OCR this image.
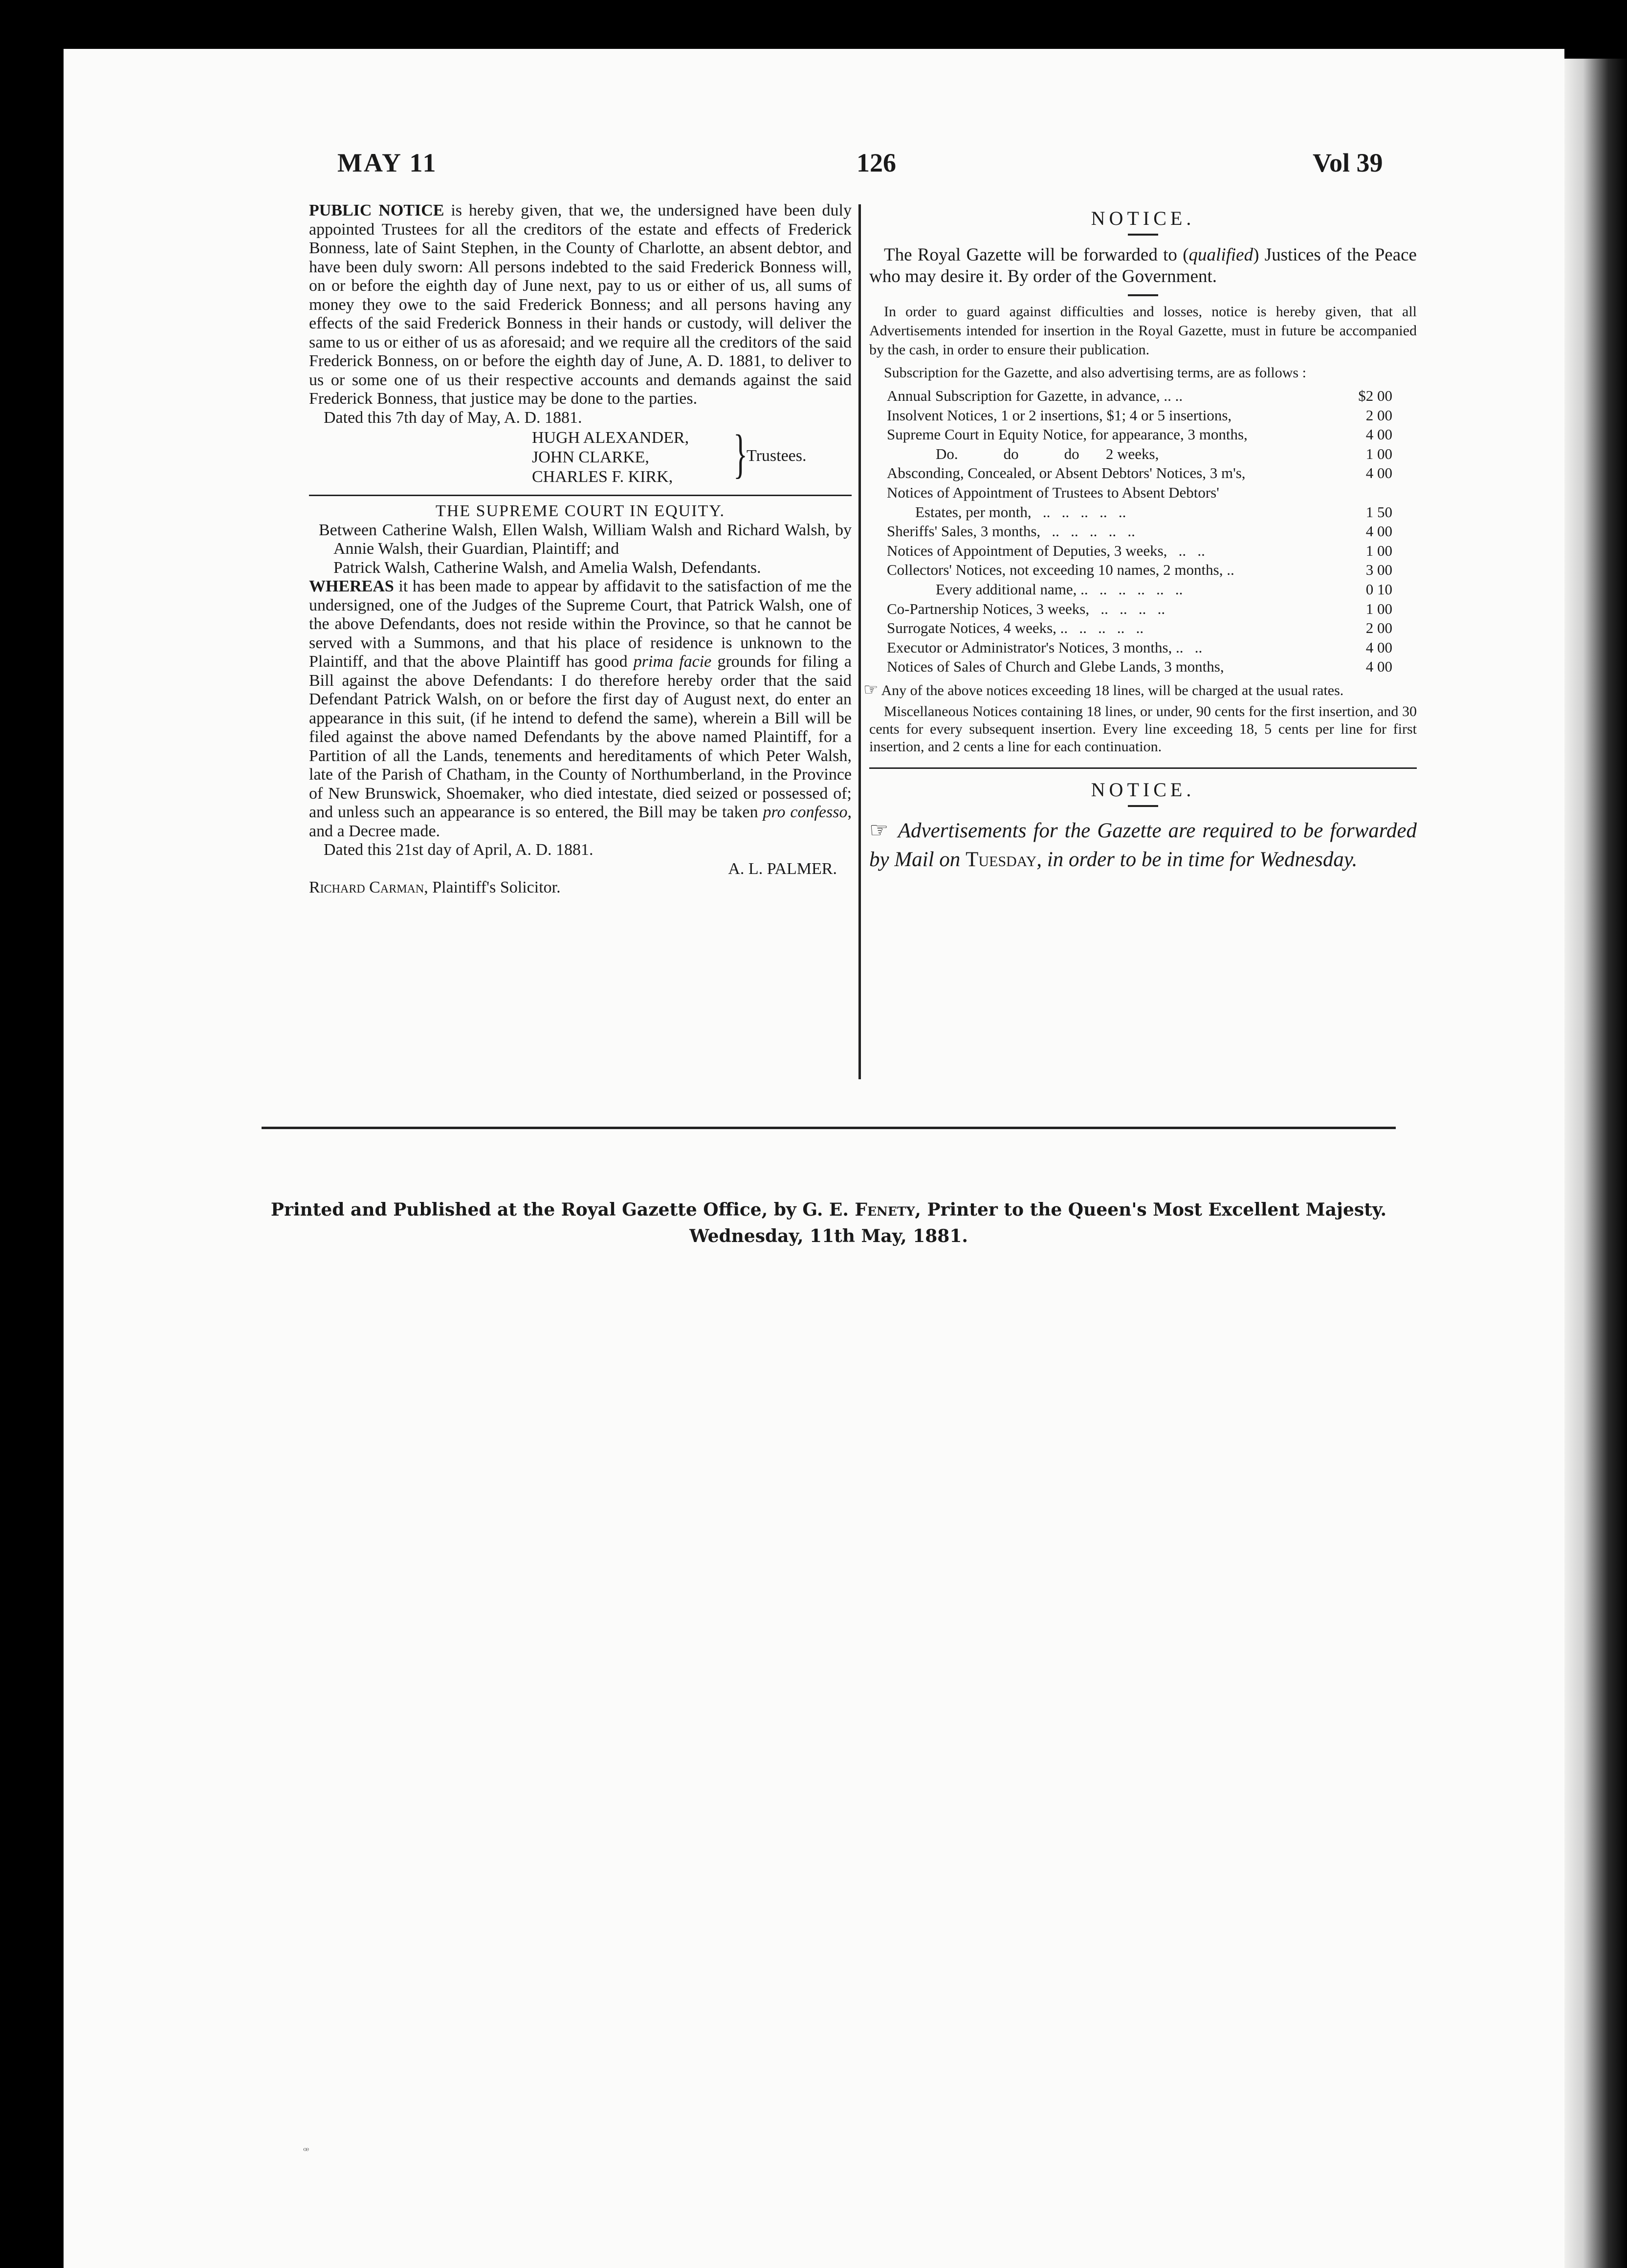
MAY 11	126	Vol 39

PUBLIC NOTICE is hereby given, that we, the undersigned have been duly appointed Trustees for all the creditors of the estate and effects of Frederick Bonness, late of Saint Stephen, in the County of Charlotte, an absent debtor, and have been duly sworn: All persons indebted to the said Frederick Bonness will, on or before the eighth day of June next, pay to us or either of us, all sums of money they owe to the said Frederick Bonness; and all persons having any effects of the said Frederick Bonness in their hands or custody, will deliver the same to us or either of us as aforesaid; and we require all the creditors of the said Frederick Bonness, on or before the eighth day of June, A. D. 1881, to deliver to us or some one of us their respective accounts and demands against the said Frederick Bonness, that justice may be done to the parties.

Dated this 7th day of May, A. D. 1881.

HUGH ALEXANDER,
JOHN CLARKE,
CHARLES F. KIRK, }
Trustees.
THE SUPREME COURT IN EQUITY.

Between Catherine Walsh, Ellen Walsh, William Walsh and Richard Walsh, by Annie Walsh, their Guardian, Plaintiff; and

Patrick Walsh, Catherine Walsh, and Amelia Walsh, Defendants.

WHEREAS it has been made to appear by affidavit to the satisfaction of me the undersigned, one of the Judges of the Supreme Court, that Patrick Walsh, one of the above Defendants, does not reside within the Province, so that he cannot be served with a Summons, and that his place of residence is unknown to the Plaintiff, and that the above Plaintiff has good prima facie grounds for filing a Bill against the above Defendants: I do therefore hereby order that the said Defendant Patrick Walsh, on or before the first day of August next, do enter an appearance in this suit, (if he intend to defend the same), wherein a Bill will be filed against the above named Defendants by the above named Plaintiff, for a Partition of all the Lands, tenements and hereditaments of which Peter Walsh, late of the Parish of Chatham, in the County of Northumberland, in the Province of New Brunswick, Shoemaker, who died intestate, died seized or possessed of; and unless such an appearance is so entered, the Bill may be taken pro confesso, and a Decree made.

Dated this 21st day of April, A. D. 1881.

A. L. PALMER.

Richard Carman, Plaintiff's Solicitor.

NOTICE.

The Royal Gazette will be forwarded to (qualified) Justices of the Peace who may desire it. By order of the Government.

In order to guard against difficulties and losses, notice is hereby given, that all Advertisements intended for insertion in the Royal Gazette, must in future be accompanied by the cash, in order to ensure their publication.

Subscription for the Gazette, and also advertising terms, are as follows :

Annual Subscription for Gazette, in advance, .. ..	$2 00
Insolvent Notices, 1 or 2 insertions, $1; 4 or 5 insertions,	2 00
Supreme Court in Equity Notice, for appearance, 3 months,	4 00
Do.            do            do       2 weeks,	1 00
Absconding, Concealed, or Absent Debtors' Notices, 3 m's,	4 00
Notices of Appointment of Trustees to Absent Debtors'
Estates, per month,   ..   ..   ..   ..   ..	1 50
Sheriffs' Sales, 3 months,   ..   ..   ..   ..   ..	4 00
Notices of Appointment of Deputies, 3 weeks,   ..   ..	1 00
Collectors' Notices, not exceeding 10 names, 2 months, ..	3 00
Every additional name, ..   ..   ..   ..   ..   ..	0 10
Co-Partnership Notices, 3 weeks,   ..   ..   ..   ..	1 00
Surrogate Notices, 4 weeks, ..   ..   ..   ..   ..	2 00
Executor or Administrator's Notices, 3 months, ..   ..	4 00
Notices of Sales of Church and Glebe Lands, 3 months,	4 00

☞ Any of the above notices exceeding 18 lines, will be charged at the usual rates.

Miscellaneous Notices containing 18 lines, or under, 90 cents for the first insertion, and 30 cents for every subsequent insertion. Every line exceeding 18, 5 cents per line for first insertion, and 2 cents a line for each continuation.

NOTICE.

☞ Advertisements for the Gazette are required to be forwarded by Mail on Tuesday, in order to be in time for Wednesday.

Printed and Published at the Royal Gazette Office, by G. E. Fenety, Printer to the Queen's Most Excellent Majesty.
Wednesday, 11th May, 1881.
ꟹ
